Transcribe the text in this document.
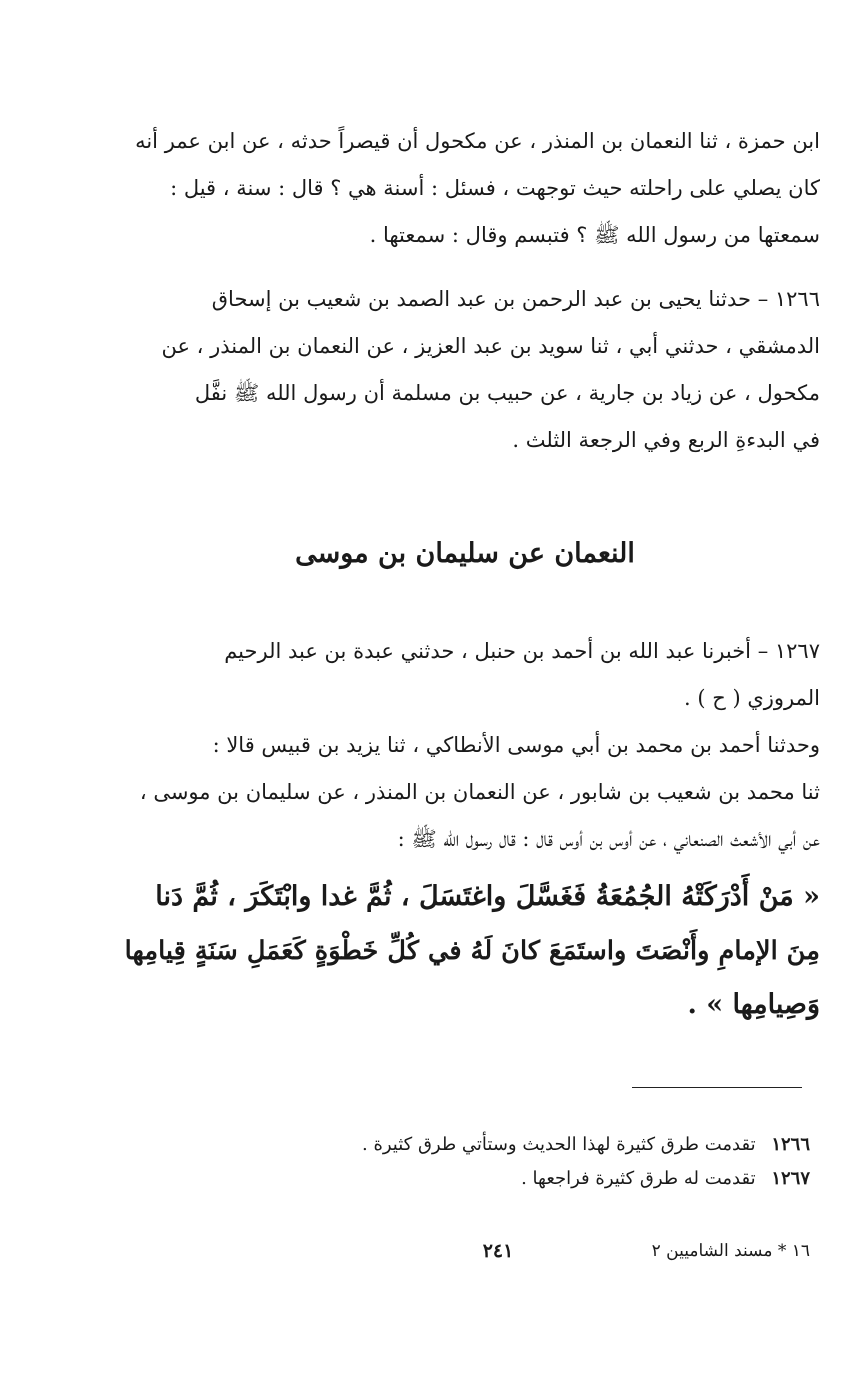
ابن حمزة ، ثنا النعمان بن المنذر ، عن مكحول أن قيصراً حدثه ، عن ابن عمر أنه
كان يصلي على راحلته حيث توجهت ، فسئل : أسنة هي ؟ قال : سنة ، قيل :
سمعتها من رسول الله ﷺ ؟ فتبسم وقال : سمعتها .
١٢٦٦ – حدثنا يحيى بن عبد الرحمن بن عبد الصمد بن شعيب بن إسحاق
الدمشقي ، حدثني أبي ، ثنا سويد بن عبد العزيز ، عن النعمان بن المنذر ، عن
مكحول ، عن زياد بن جارية ، عن حبيب بن مسلمة أن رسول الله ﷺ نفَّل
في البدءةِ الربع وفي الرجعة الثلث .
النعمان عن سليمان بن موسى
١٢٦٧ – أخبرنا عبد الله بن أحمد بن حنبل ، حدثني عبدة بن عبد الرحيم
المروزي ( ح ) .
وحدثنا أحمد بن محمد بن أبي موسى الأنطاكي ، ثنا يزيد بن قبيس قالا :
ثنا محمد بن شعيب بن شابور ، عن النعمان بن المنذر ، عن سليمان بن موسى ،
عن أبي الأشعث الصنعاني ، عن أوس بن أوس قال : قال رسول الله ﷺ :
« مَنْ أَدْرَكَتْهُ الجُمُعَةُ فَغَسَّلَ واغتَسَلَ ، ثُمَّ غدا وابْتَكَرَ ، ثُمَّ دَنا
مِنَ الإمامِ وأَنْصَتَ واستَمَعَ كانَ لَهُ في كُلِّ خَطْوَةٍ كَعَمَلِ سَنَةٍ قِيامِها
وَصِيامِها » .
١٢٦٦ تقدمت طرق كثيرة لهذا الحديث وستأتي طرق كثيرة .
١٢٦٧ تقدمت له طرق كثيرة فراجعها .
١٦ * مسند الشاميين ٢
٢٤١
